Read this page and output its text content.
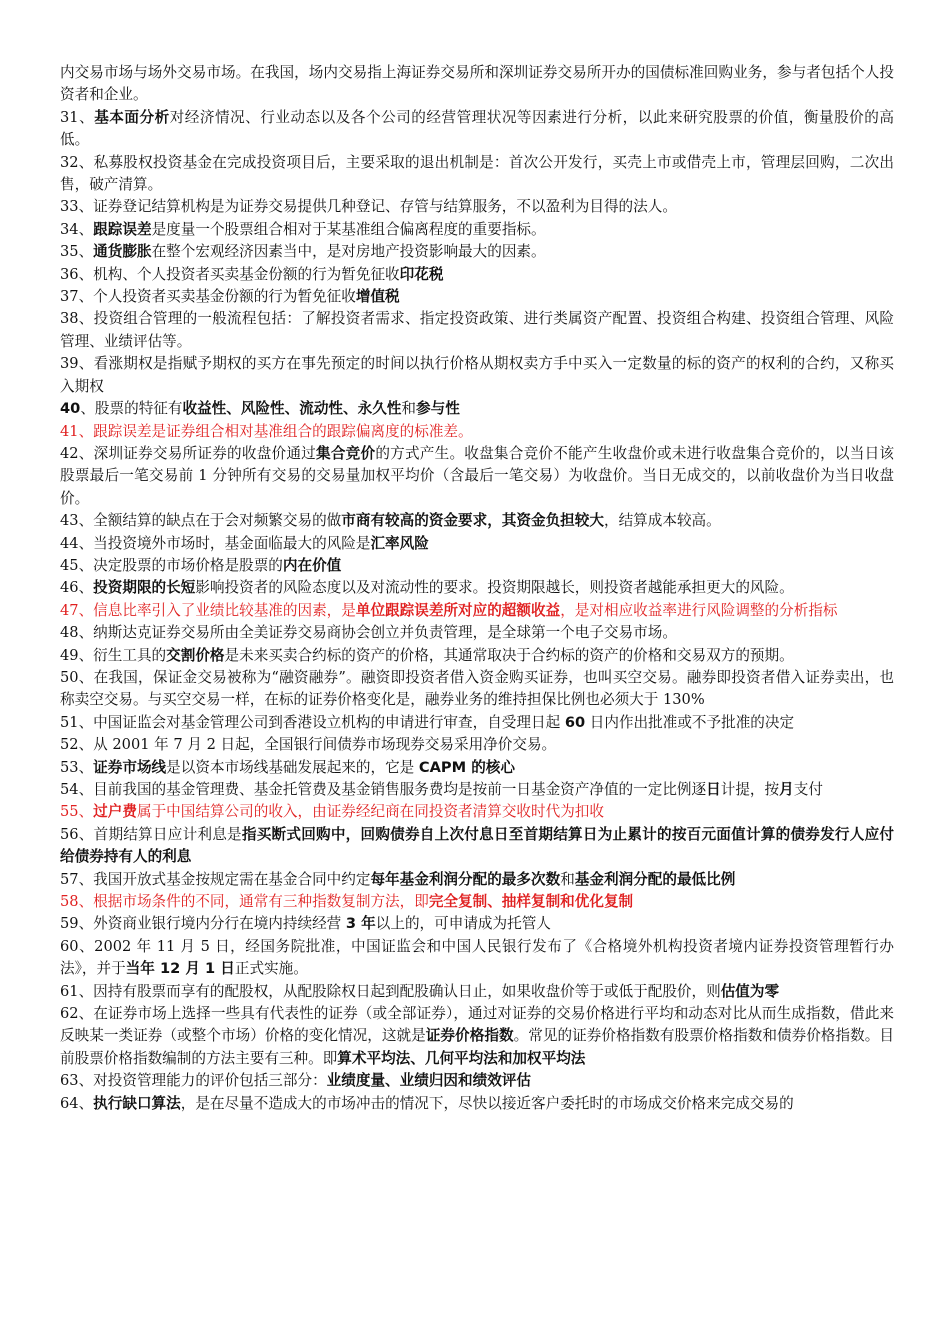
内交易市场与场外交易市场。在我国，场内交易指上海证券交易所和深圳证券交易所开办的国债标准回购业务，参与者包括个人投资者和企业。

31、基本面分析对经济情况、行业动态以及各个公司的经营管理状况等因素进行分析，以此来研究股票的价值，衡量股价的高低。

32、私募股权投资基金在完成投资项目后，主要采取的退出机制是：首次公开发行，买壳上市或借壳上市，管理层回购，二次出售，破产清算。

33、证券登记结算机构是为证券交易提供几种登记、存管与结算服务，不以盈利为目得的法人。

34、跟踪误差是度量一个股票组合相对于某基准组合偏离程度的重要指标。

35、通货膨胀在整个宏观经济因素当中，是对房地产投资影响最大的因素。

36、机构、个人投资者买卖基金份额的行为暂免征收印花税

37、个人投资者买卖基金份额的行为暂免征收增值税

38、投资组合管理的一般流程包括：了解投资者需求、指定投资政策、进行类属资产配置、投资组合构建、投资组合管理、风险管理、业绩评估等。

39、看涨期权是指赋予期权的买方在事先预定的时间以执行价格从期权卖方手中买入一定数量的标的资产的权利的合约，又称买入期权

40、股票的特征有收益性、风险性、流动性、永久性和参与性

41、跟踪误差是证券组合相对基准组合的跟踪偏离度的标准差。

42、深圳证券交易所证券的收盘价通过集合竞价的方式产生。收盘集合竞价不能产生收盘价或未进行收盘集合竞价的，以当日该股票最后一笔交易前 1 分钟所有交易的交易量加权平均价（含最后一笔交易）为收盘价。当日无成交的，以前收盘价为当日收盘价。

43、全额结算的缺点在于会对频繁交易的做市商有较高的资金要求，其资金负担较大，结算成本较高。

44、当投资境外市场时，基金面临最大的风险是汇率风险

45、决定股票的市场价格是股票的内在价值

46、投资期限的长短影响投资者的风险态度以及对流动性的要求。投资期限越长，则投资者越能承担更大的风险。

47、信息比率引入了业绩比较基准的因素，是单位跟踪误差所对应的超额收益，是对相应收益率进行风险调整的分析指标

48、纳斯达克证券交易所由全美证券交易商协会创立并负责管理，是全球第一个电子交易市场。

49、衍生工具的交割价格是未来买卖合约标的资产的价格，其通常取决于合约标的资产的价格和交易双方的预期。

50、在我国，保证金交易被称为“融资融券”。融资即投资者借入资金购买证券，也叫买空交易。融券即投资者借入证券卖出，也称卖空交易。与买空交易一样，在标的证券价格变化是，融券业务的维持担保比例也必须大于 130%

51、中国证监会对基金管理公司到香港设立机构的申请进行审查，自受理日起 60 日内作出批准或不予批准的决定

52、从 2001 年 7 月 2 日起，全国银行间债券市场现券交易采用净价交易。

53、证券市场线是以资本市场线基础发展起来的，它是 CAPM 的核心

54、目前我国的基金管理费、基金托管费及基金销售服务费均是按前一日基金资产净值的一定比例逐日计提，按月支付

55、过户费属于中国结算公司的收入，由证券经纪商在同投资者清算交收时代为扣收

56、首期结算日应计利息是指买断式回购中，回购债券自上次付息日至首期结算日为止累计的按百元面值计算的债券发行人应付给债券持有人的利息

57、我国开放式基金按规定需在基金合同中约定每年基金利润分配的最多次数和基金利润分配的最低比例

58、根据市场条件的不同，通常有三种指数复制方法，即完全复制、抽样复制和优化复制

59、外资商业银行境内分行在境内持续经营 3 年以上的，可申请成为托管人

60、2002 年 11 月 5 日，经国务院批准，中国证监会和中国人民银行发布了《合格境外机构投资者境内证券投资管理暂行办法》，并于当年 12 月 1 日正式实施。

61、因持有股票而享有的配股权，从配股除权日起到配股确认日止，如果收盘价等于或低于配股价，则估值为零

62、在证券市场上选择一些具有代表性的证券（或全部证券），通过对证券的交易价格进行平均和动态对比从而生成指数，借此来反映某一类证券（或整个市场）价格的变化情况，这就是证券价格指数。常见的证券价格指数有股票价格指数和债券价格指数。目前股票价格指数编制的方法主要有三种。即算术平均法、几何平均法和加权平均法

63、对投资管理能力的评价包括三部分：业绩度量、业绩归因和绩效评估

64、执行缺口算法，是在尽量不造成大的市场冲击的情况下，尽快以接近客户委托时的市场成交价格来完成交易的
